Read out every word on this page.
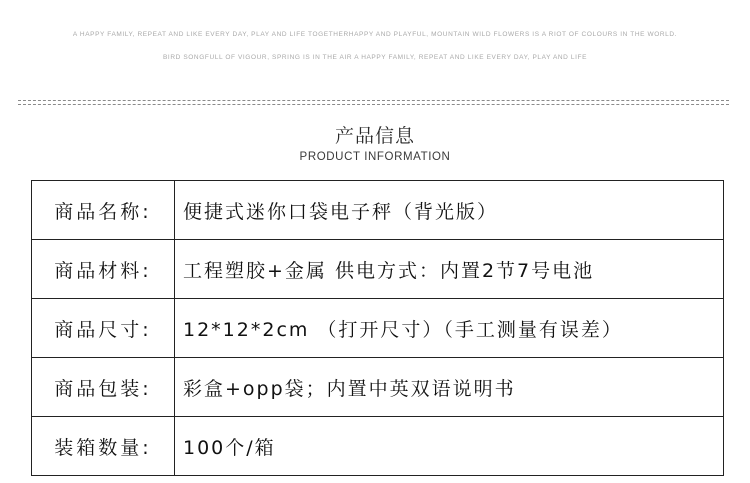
A HAPPY FAMILY, REPEAT AND LIKE EVERY DAY, PLAY AND LIFE TOGETHERHAPPY AND PLAYFUL, MOUNTAIN WILD FLOWERS IS A RIOT OF COLOURS IN THE WORLD.
BIRD SONGFULL OF VIGOUR, SPRING IS IN THE AIR A HAPPY FAMILY, REPEAT AND LIKE EVERY DAY, PLAY AND LIFE
产品信息
PRODUCT INFORMATION
商品名称:	便捷式迷你口袋电子秤（背光版）
商品材料:	工程塑胶+金属 供电方式：内置2节7号电池
商品尺寸:	12*12*2cm （打开尺寸）（手工测量有误差）
商品包装:	彩盒+opp袋；内置中英双语说明书
装箱数量:	100个/箱
